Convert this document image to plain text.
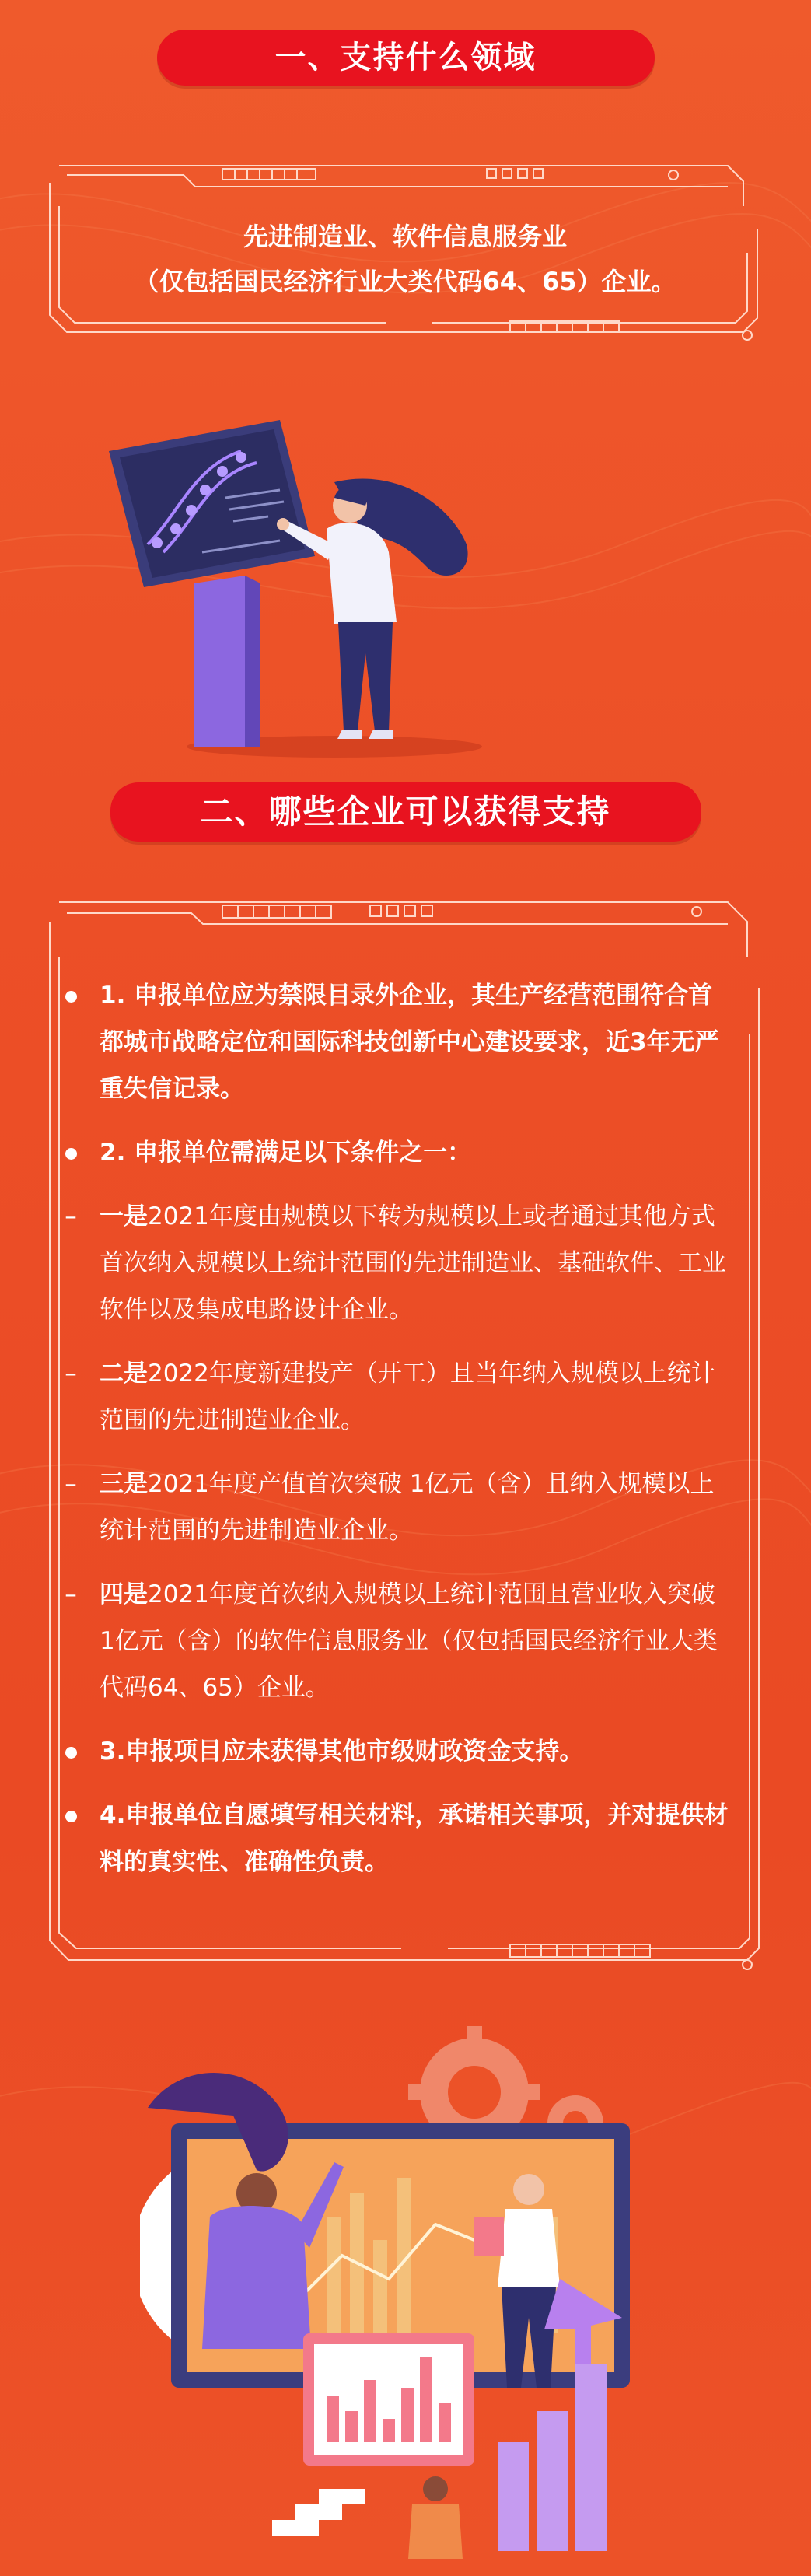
一、支持什么领域
先进制造业、软件信息服务业
（仅包括国民经济行业大类代码64、65）企业。
二、哪些企业可以获得支持
1. 申报单位应为禁限目录外企业，其生产经营范围符合首都城市战略定位和国际科技创新中心建设要求，近3年无严重失信记录。
2. 申报单位需满足以下条件之一：
– 一是2021年度由规模以下转为规模以上或者通过其他方式首次纳入规模以上统计范围的先进制造业、基础软件、工业软件以及集成电路设计企业。
– 二是2022年度新建投产（开工）且当年纳入规模以上统计范围的先进制造业企业。
– 三是2021年度产值首次突破 1亿元（含）且纳入规模以上统计范围的先进制造业企业。
– 四是2021年度首次纳入规模以上统计范围且营业收入突破1亿元（含）的软件信息服务业（仅包括国民经济行业大类代码64、65）企业。
3.申报项目应未获得其他市级财政资金支持。
4.申报单位自愿填写相关材料，承诺相关事项，并对提供材料的真实性、准确性负责。
